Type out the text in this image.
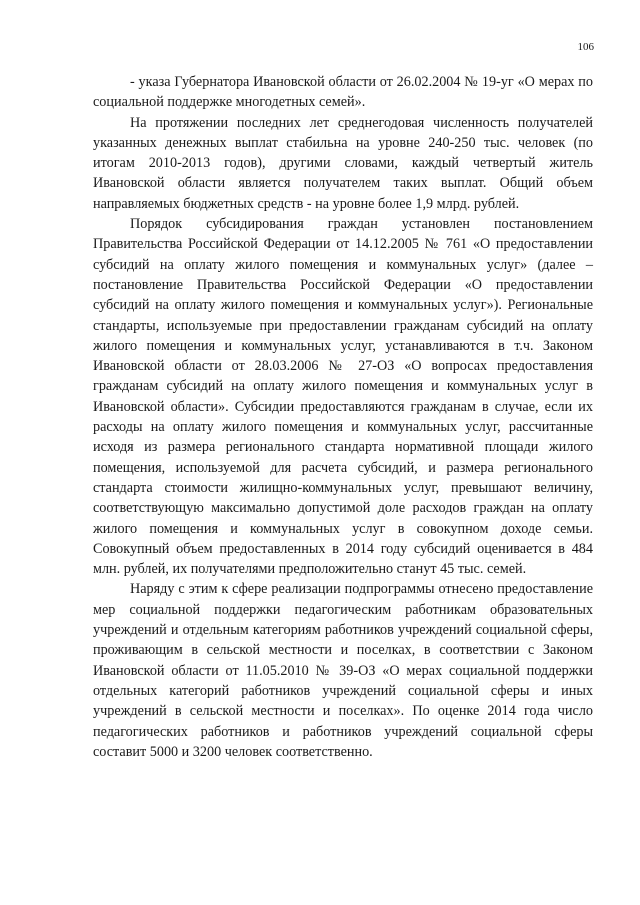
106

- указа Губернатора Ивановской области от 26.02.2004 № 19-уг «О мерах по социальной поддержке многодетных семей».

На протяжении последних лет среднегодовая численность получателей указанных денежных выплат стабильна на уровне 240-250 тыс. человек (по итогам 2010-2013 годов), другими словами, каждый четвертый житель Ивановской области является получателем таких выплат. Общий объем направляемых бюджетных средств - на уровне более 1,9 млрд. рублей.

Порядок субсидирования граждан установлен постановлением Правительства Российской Федерации от 14.12.2005 № 761 «О предоставлении субсидий на оплату жилого помещения и коммунальных услуг» (далее – постановление Правительства Российской Федерации «О предоставлении субсидий на оплату жилого помещения и коммунальных услуг»). Региональные стандарты, используемые при предоставлении гражданам субсидий на оплату жилого помещения и коммунальных услуг, устанавливаются в т.ч. Законом Ивановской области от 28.03.2006 № 27-ОЗ «О вопросах предоставления гражданам субсидий на оплату жилого помещения и коммунальных услуг в Ивановской области». Субсидии предоставляются гражданам в случае, если их расходы на оплату жилого помещения и коммунальных услуг, рассчитанные исходя из размера регионального стандарта нормативной площади жилого помещения, используемой для расчета субсидий, и размера регионального стандарта стоимости жилищно-коммунальных услуг, превышают величину, соответствующую максимально допустимой доле расходов граждан на оплату жилого помещения и коммунальных услуг в совокупном доходе семьи. Совокупный объем предоставленных в 2014 году субсидий оценивается в 484 млн. рублей, их получателями предположительно станут 45 тыс. семей.

Наряду с этим к сфере реализации подпрограммы отнесено предоставление мер социальной поддержки педагогическим работникам образовательных учреждений и отдельным категориям работников учреждений социальной сферы, проживающим в сельской местности и поселках, в соответствии с Законом Ивановской области от 11.05.2010 № 39-ОЗ «О мерах социальной поддержки отдельных категорий работников учреждений социальной сферы и иных учреждений в сельской местности и поселках». По оценке 2014 года число педагогических работников и работников учреждений социальной сферы составит 5000 и 3200 человек соответственно.
